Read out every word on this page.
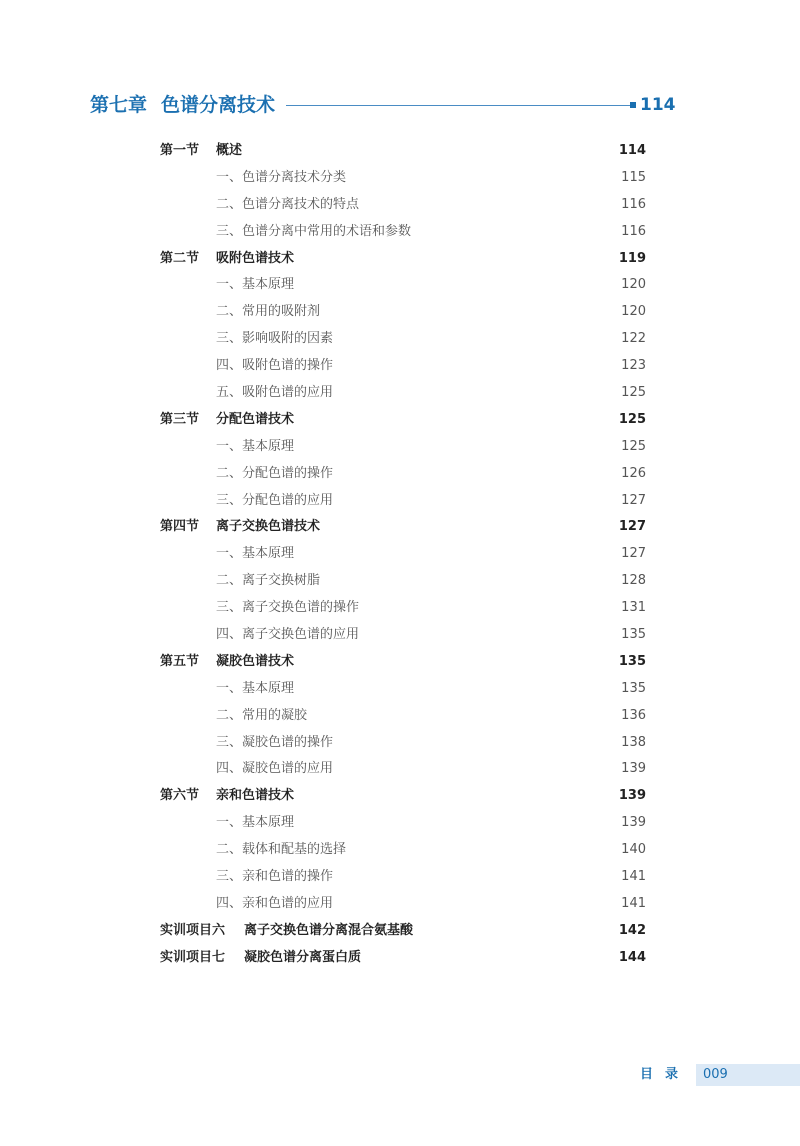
第七章 色谱分离技术	114
第一节 概述	114
一、色谱分离技术分类	115
二、色谱分离技术的特点	116
三、色谱分离中常用的术语和参数	116
第二节 吸附色谱技术	119
一、基本原理	120
二、常用的吸附剂	120
三、影响吸附的因素	122
四、吸附色谱的操作	123
五、吸附色谱的应用	125
第三节 分配色谱技术	125
一、基本原理	125
二、分配色谱的操作	126
三、分配色谱的应用	127
第四节 离子交换色谱技术	127
一、基本原理	127
二、离子交换树脂	128
三、离子交换色谱的操作	131
四、离子交换色谱的应用	135
第五节 凝胶色谱技术	135
一、基本原理	135
二、常用的凝胶	136
三、凝胶色谱的操作	138
四、凝胶色谱的应用	139
第六节 亲和色谱技术	139
一、基本原理	139
二、载体和配基的选择	140
三、亲和色谱的操作	141
四、亲和色谱的应用	141
实训项目六 离子交换色谱分离混合氨基酸	142
实训项目七 凝胶色谱分离蛋白质	144
目录 009
